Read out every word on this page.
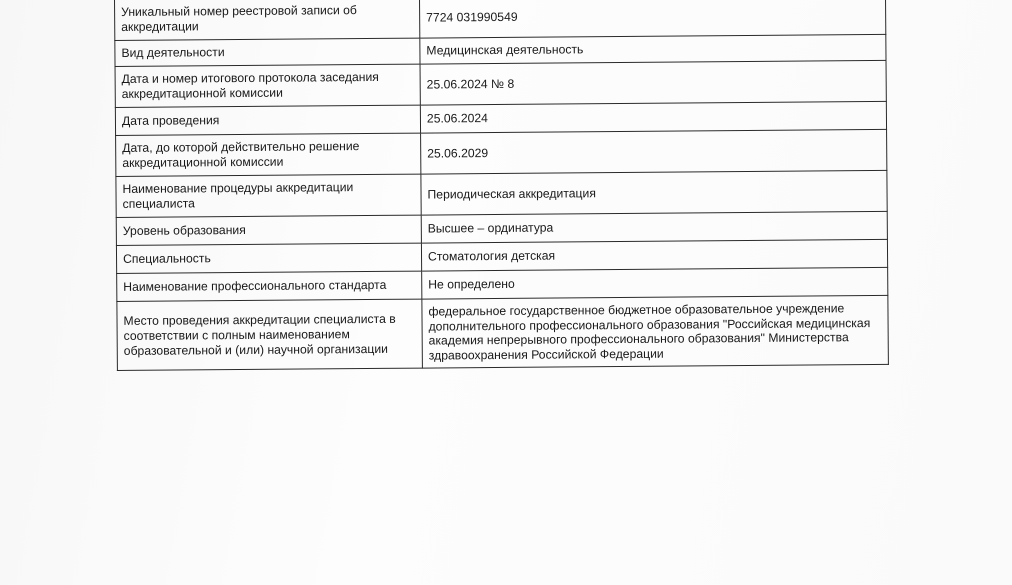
Уникальный номер реестровой записи об аккредитации	7724 031990549
Вид деятельности	Медицинская деятельность
Дата и номер итогового протокола заседания аккредитационной комиссии	25.06.2024 № 8
Дата проведения	25.06.2024
Дата, до которой действительно решение аккредитационной комиссии	25.06.2029
Наименование процедуры аккредитации специалиста	Периодическая аккредитация
Уровень образования	Высшее – ординатура
Специальность	Стоматология детская
Наименование профессионального стандарта	Не определено
Место проведения аккредитации специалиста в соответствии с полным наименованием образовательной и (или) научной организации	федеральное государственное бюджетное образовательное учреждение дополнительного профессионального образования "Российская медицинская академия непрерывного профессионального образования" Министерства здравоохранения Российской Федерации
